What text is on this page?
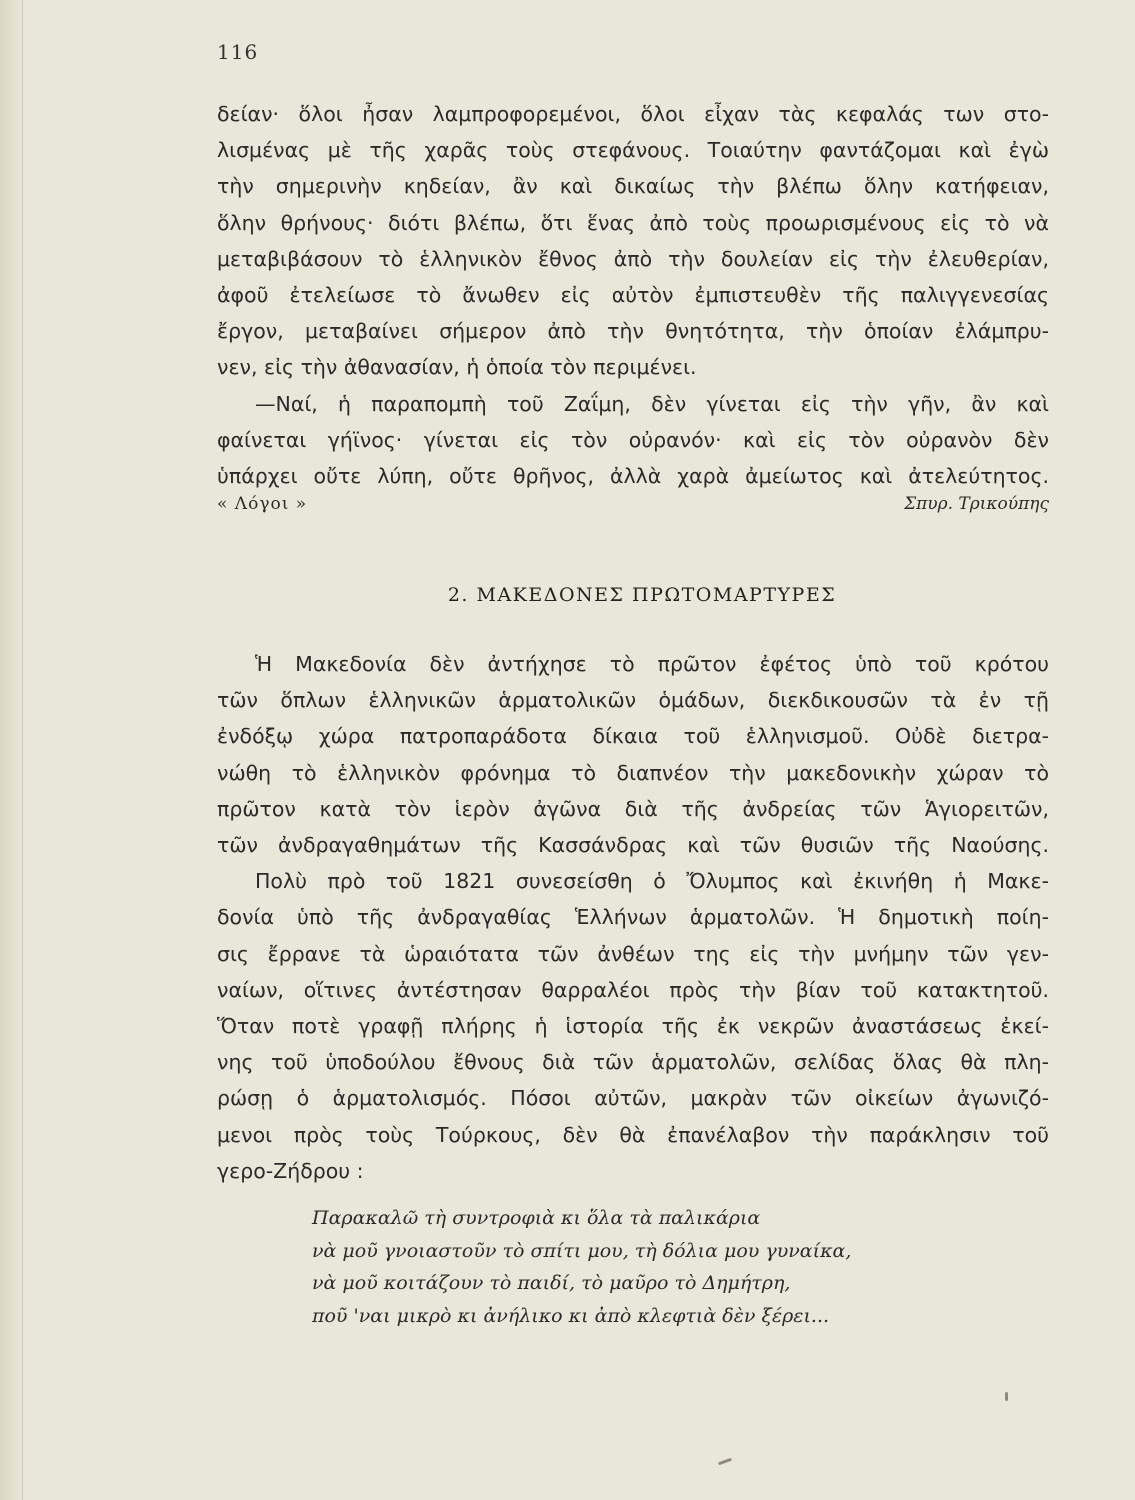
116
δείαν· ὅλοι ἦσαν λαμπροφορεμένοι, ὅλοι εἶχαν τὰς κεφαλάς των στο-
λισμένας μὲ τῆς χαρᾶς τοὺς στεφάνους. Τοιαύτην φαντάζομαι καὶ ἐγὼ
τὴν σημερινὴν κηδείαν, ἂν καὶ δικαίως τὴν βλέπω ὅλην κατήφειαν,
ὅλην θρήνους· διότι βλέπω, ὅτι ἕνας ἀπὸ τοὺς προωρισμένους εἰς τὸ νὰ
μεταβιβάσουν τὸ ἑλληνικὸν ἔθνος ἀπὸ τὴν δουλείαν εἰς τὴν ἐλευθερίαν,
ἀφοῦ ἐτελείωσε τὸ ἄνωθεν εἰς αὐτὸν ἐμπιστευθὲν τῆς παλιγγενεσίας
ἔργον, μεταβαίνει σήμερον ἀπὸ τὴν θνητότητα, τὴν ὁποίαν ἐλάμπρυ-
νεν, εἰς τὴν ἀθανασίαν, ἡ ὁποία τὸν περιμένει.
—Ναί, ἡ παραπομπὴ τοῦ Ζαΐμη, δὲν γίνεται εἰς τὴν γῆν, ἂν καὶ
φαίνεται γήϊνος· γίνεται εἰς τὸν οὐρανόν· καὶ εἰς τὸν οὐρανὸν δὲν
ὑπάρχει οὔτε λύπη, οὔτε θρῆνος, ἀλλὰ χαρὰ ἀμείωτος καὶ ἀτελεύτητος.
« Λόγοι »	Σπυρ. Τρικούπης
2. ΜΑΚΕΔΟΝΕΣ ΠΡΩΤΟΜΑΡΤΥΡΕΣ
Ἡ Μακεδονία δὲν ἀντήχησε τὸ πρῶτον ἐφέτος ὑπὸ τοῦ κρότου
τῶν ὅπλων ἑλληνικῶν ἁρματολικῶν ὁμάδων, διεκδικουσῶν τὰ ἐν τῇ
ἐνδόξῳ χώρα πατροπαράδοτα δίκαια τοῦ ἑλληνισμοῦ. Οὐδὲ διετρα-
νώθη τὸ ἑλληνικὸν φρόνημα τὸ διαπνέον τὴν μακεδονικὴν χώραν τὸ
πρῶτον κατὰ τὸν ἱερὸν ἀγῶνα διὰ τῆς ἀνδρείας τῶν Ἁγιορειτῶν,
τῶν ἀνδραγαθημάτων τῆς Κασσάνδρας καὶ τῶν θυσιῶν τῆς Ναούσης.
Πολὺ πρὸ τοῦ 1821 συνεσείσθη ὁ Ὄλυμπος καὶ ἐκινήθη ἡ Μακε-
δονία ὑπὸ τῆς ἀνδραγαθίας Ἑλλήνων ἁρματολῶν. Ἡ δημοτικὴ ποίη-
σις ἔρρανε τὰ ὡραιότατα τῶν ἀνθέων της εἰς τὴν μνήμην τῶν γεν-
ναίων, οἵτινες ἀντέστησαν θαρραλέοι πρὸς τὴν βίαν τοῦ κατακτητοῦ.
Ὅταν ποτὲ γραφῇ πλήρης ἡ ἱστορία τῆς ἐκ νεκρῶν ἀναστάσεως ἐκεί-
νης τοῦ ὑποδούλου ἔθνους διὰ τῶν ἁρματολῶν, σελίδας ὅλας θὰ πλη-
ρώσῃ ὁ ἁρματολισμός. Πόσοι αὐτῶν, μακρὰν τῶν οἰκείων ἀγωνιζό-
μενοι πρὸς τοὺς Τούρκους, δὲν θὰ ἐπανέλαβον τὴν παράκλησιν τοῦ
γερο-Ζήδρου :
Παρακαλῶ τὴ συντροφιὰ κι ὅλα τὰ παλικάρια
νὰ μοῦ γνοιαστοῦν τὸ σπίτι μου, τὴ δόλια μου γυναίκα,
νὰ μοῦ κοιτάζουν τὸ παιδί, τὸ μαῦρο τὸ Δημήτρη,
ποῦ 'ναι μικρὸ κι ἀνήλικο κι ἀπὸ κλεφτιὰ δὲν ξέρει...
